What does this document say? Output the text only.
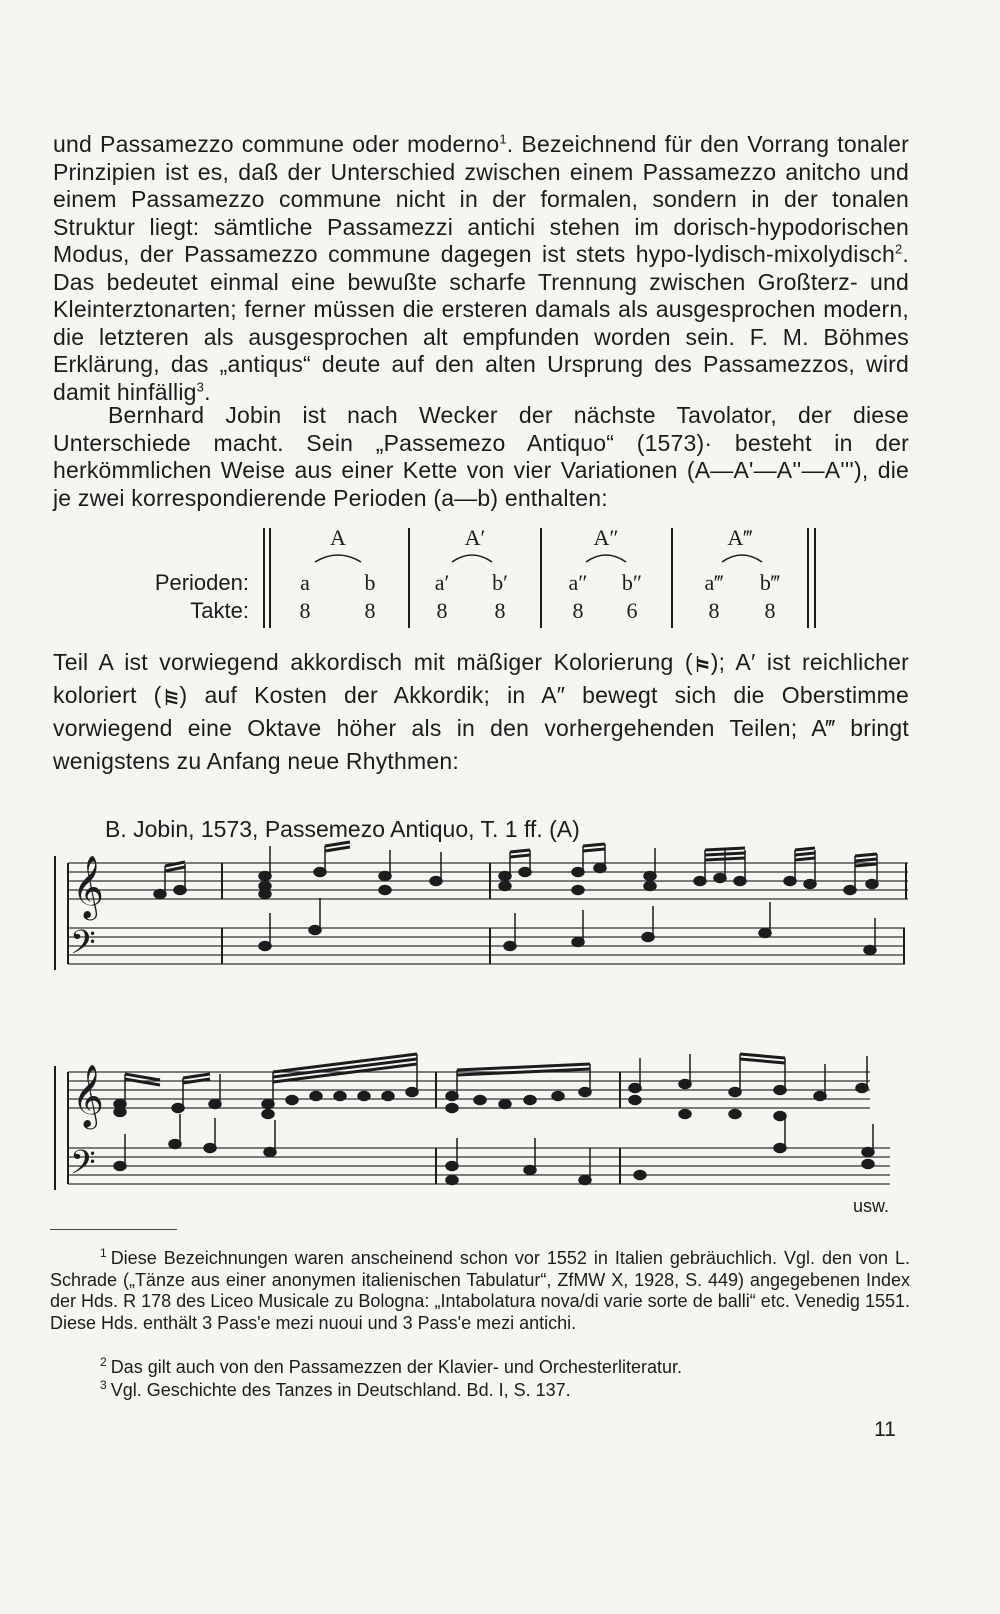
und Passamezzo commune oder moderno$^1$. Bezeichnend für den Vorrang tonaler Prinzipien ist es, daß der Unterschied zwischen einem Passamezzo anitcho und einem Passamezzo commune nicht in der formalen, sondern in der tonalen Struktur liegt: sämtliche Passamezzi antichi stehen im dorisch-hypodorischen Modus, der Passamezzo commune dagegen ist stets hypo-lydisch-mixolydisch$^2$. Das bedeutet einmal eine bewußte scharfe Trennung zwischen Großterz- und Kleinterztonarten; ferner müssen die ersteren damals als ausgesprochen modern, die letzteren als ausgesprochen alt empfunden worden sein. F. M. Böhmes Erklärung, das „antiqus“ deute auf den alten Ursprung des Passamezzos, wird damit hinfällig$^3$.
Bernhard Jobin ist nach Wecker der nächste Tavolator, der diese Unterschiede macht. Sein „Passemezo Antiquo“ (1573)· besteht in der herkömmlichen Weise aus einer Kette von vier Variationen (A—A'—A''—A'''), die je zwei korrespondierende Perioden (a—b) enthalten:
Perioden:
Takte:
A
a b
8 8
A′
a′ b′
8 8
A″
a″ b″
8 6
A‴
a‴ b‴
8 8
Teil A ist vorwiegend akkordisch mit mäßiger Kolorierung ( ); A′ ist reichlicher koloriert ( ) auf Kosten der Akkordik; in A″ bewegt sich die Oberstimme vorwiegend eine Oktave höher als in den vorhergehenden Teilen; A‴ bringt wenigstens zu Anfang neue Rhythmen:
B. Jobin, 1573, Passemezo Antiquo, T. 1 ff. (A)
𝄞
𝄢
𝄞
𝄢
usw.
$^1$ Diese Bezeichnungen waren anscheinend schon vor 1552 in Italien gebräuchlich. Vgl. den von L. Schrade („Tänze aus einer anonymen italienischen Tabulatur“, ZfMW X, 1928, S. 449) angegebenen Index der Hds. R 178 des Liceo Musicale zu Bologna: „Intabolatura nova/di varie sorte de balli“ etc. Venedig 1551. Diese Hds. enthält 3 Pass'e mezi nuoui und 3 Pass'e mezi antichi.
$^2$ Das gilt auch von den Passamezzen der Klavier- und Orchesterliteratur.
$^3$ Vgl. Geschichte des Tanzes in Deutschland. Bd. I, S. 137.
11
